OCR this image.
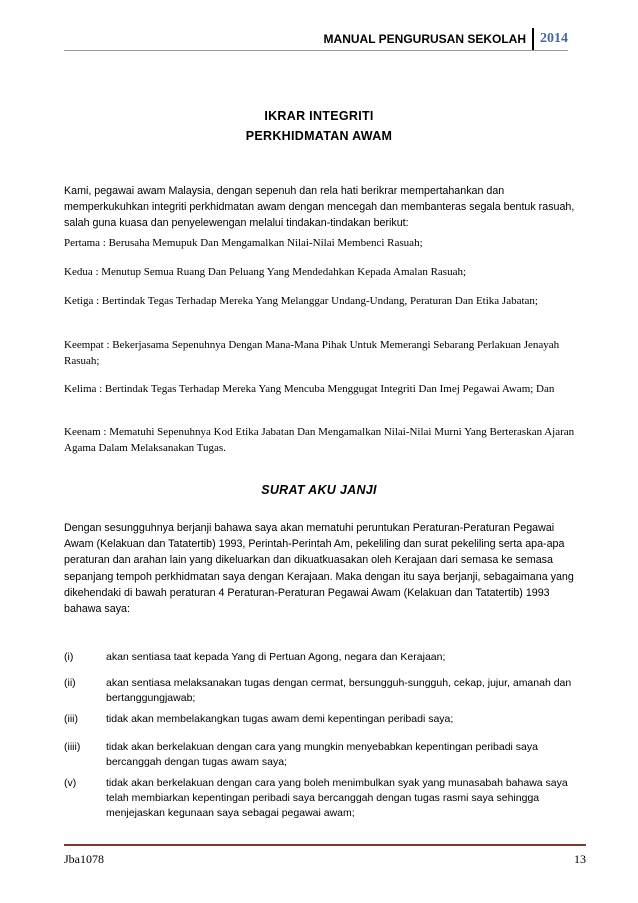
MANUAL PENGURUSAN SEKOLAH	2014
IKRAR INTEGRITI
PERKHIDMATAN AWAM
Kami, pegawai awam Malaysia, dengan sepenuh dan rela hati berikrar mempertahankan dan memperkukuhkan integriti perkhidmatan awam dengan mencegah dan membanteras segala bentuk rasuah, salah guna kuasa dan penyelewengan melalui tindakan-tindakan berikut:
Pertama : Berusaha Memupuk Dan Mengamalkan Nilai-Nilai Membenci Rasuah;
Kedua : Menutup Semua Ruang Dan Peluang Yang Mendedahkan Kepada Amalan Rasuah;
Ketiga : Bertindak Tegas Terhadap Mereka Yang Melanggar Undang-Undang, Peraturan Dan Etika Jabatan;
Keempat : Bekerjasama Sepenuhnya Dengan Mana-Mana Pihak Untuk Memerangi Sebarang Perlakuan Jenayah Rasuah;
Kelima : Bertindak Tegas Terhadap Mereka Yang Mencuba Menggugat Integriti Dan Imej Pegawai Awam; Dan
Keenam : Mematuhi Sepenuhnya Kod Etika Jabatan Dan Mengamalkan Nilai-Nilai Murni Yang Berteraskan Ajaran Agama Dalam Melaksanakan Tugas.
SURAT AKU JANJI
Dengan sesungguhnya berjanji bahawa saya akan mematuhi peruntukan Peraturan-Peraturan Pegawai Awam (Kelakuan dan Tatatertib) 1993, Perintah-Perintah Am, pekeliling dan surat pekeliling serta apa-apa peraturan dan arahan lain yang dikeluarkan dan dikuatkuasakan oleh Kerajaan dari semasa ke semasa sepanjang tempoh perkhidmatan saya dengan Kerajaan. Maka dengan itu saya berjanji, sebagaimana yang dikehendaki di bawah peraturan 4 Peraturan-Peraturan Pegawai Awam (Kelakuan dan Tatatertib) 1993 bahawa saya:
(i)	akan sentiasa taat kepada Yang di Pertuan Agong, negara dan Kerajaan;
(ii)	akan sentiasa melaksanakan tugas dengan cermat, bersungguh-sungguh, cekap, jujur, amanah dan bertanggungjawab;
(iii)	tidak akan membelakangkan tugas awam demi kepentingan peribadi saya;
(iiii) tidak akan berkelakuan dengan cara yang mungkin menyebabkan kepentingan peribadi saya bercanggah dengan tugas awam saya;
(v)	tidak akan berkelakuan dengan cara yang boleh menimbulkan syak yang munasabah bahawa saya telah membiarkan kepentingan peribadi saya bercanggah dengan tugas rasmi saya sehingga menjejaskan kegunaan saya sebagai pegawai awam;
Jba1078	13
